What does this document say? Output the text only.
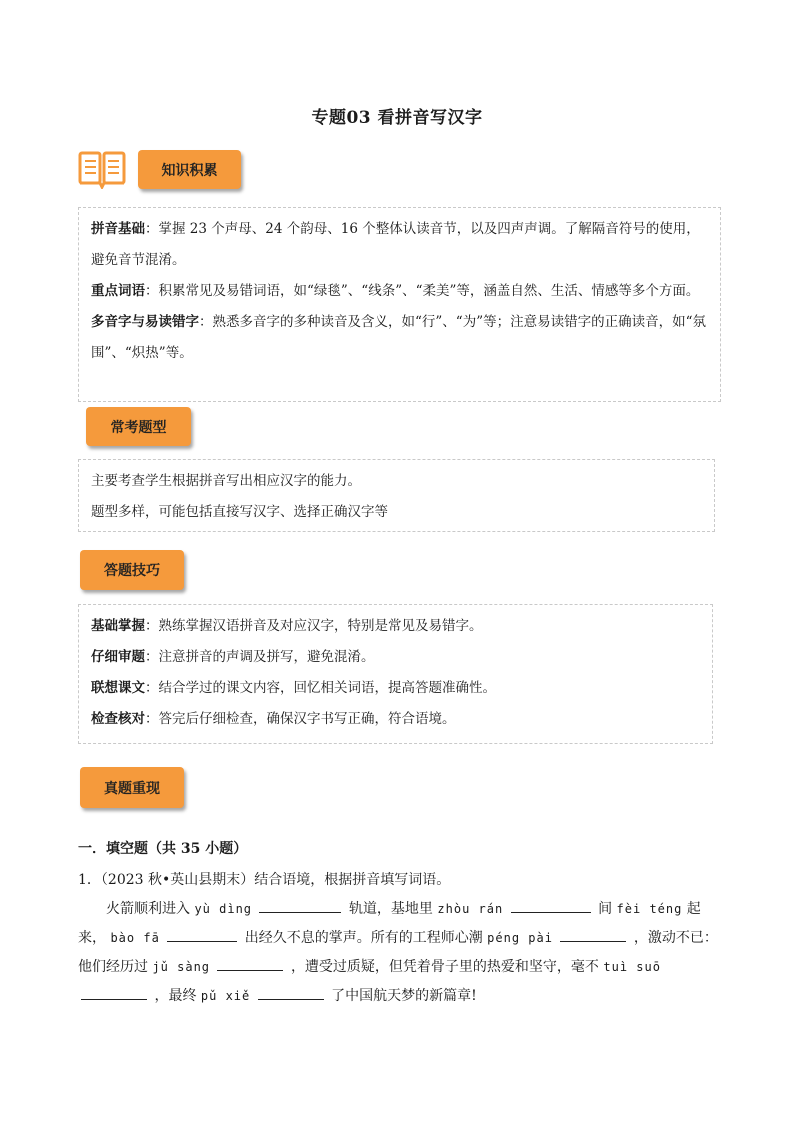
专题03 看拼音写汉字
知识积累

拼音基础：掌握 23 个声母、24 个韵母、16 个整体认读音节，以及四声声调。了解隔音符号的使用，避免音节混淆。

重点词语：积累常见及易错词语，如“绿毯”、“线条”、“柔美”等，涵盖自然、生活、情感等多个方面。

多音字与易读错字：熟悉多音字的多种读音及含义，如“行”、“为”等；注意易读错字的正确读音，如“氛围”、“炽热”等。

常考题型

主要考查学生根据拼音写出相应汉字的能力。

题型多样，可能包括直接写汉字、选择正确汉字等

答题技巧

基础掌握：熟练掌握汉语拼音及对应汉字，特别是常见及易错字。

仔细审题：注意拼音的声调及拼写，避免混淆。

联想课文：结合学过的课文内容，回忆相关词语，提高答题准确性。

检查核对：答完后仔细检查，确保汉字书写正确，符合语境。

真题重现
一．填空题（共 35 小题）

1．（2023 秋•英山县期末）结合语境，根据拼音填写词语。

火箭顺利进入 yù dìng	轨道，基地里 zhòu rán	间 fèi téng 起来， bào fā	出经久不息的掌声。所有的工程师心潮 péng pài	，激动不已：他们经历过 jǔ sàng	，遭受过质疑，但凭着骨子里的热爱和坚守，毫不 tuì suō  ，最终 pǔ xiě	了中国航天梦的新篇章!
